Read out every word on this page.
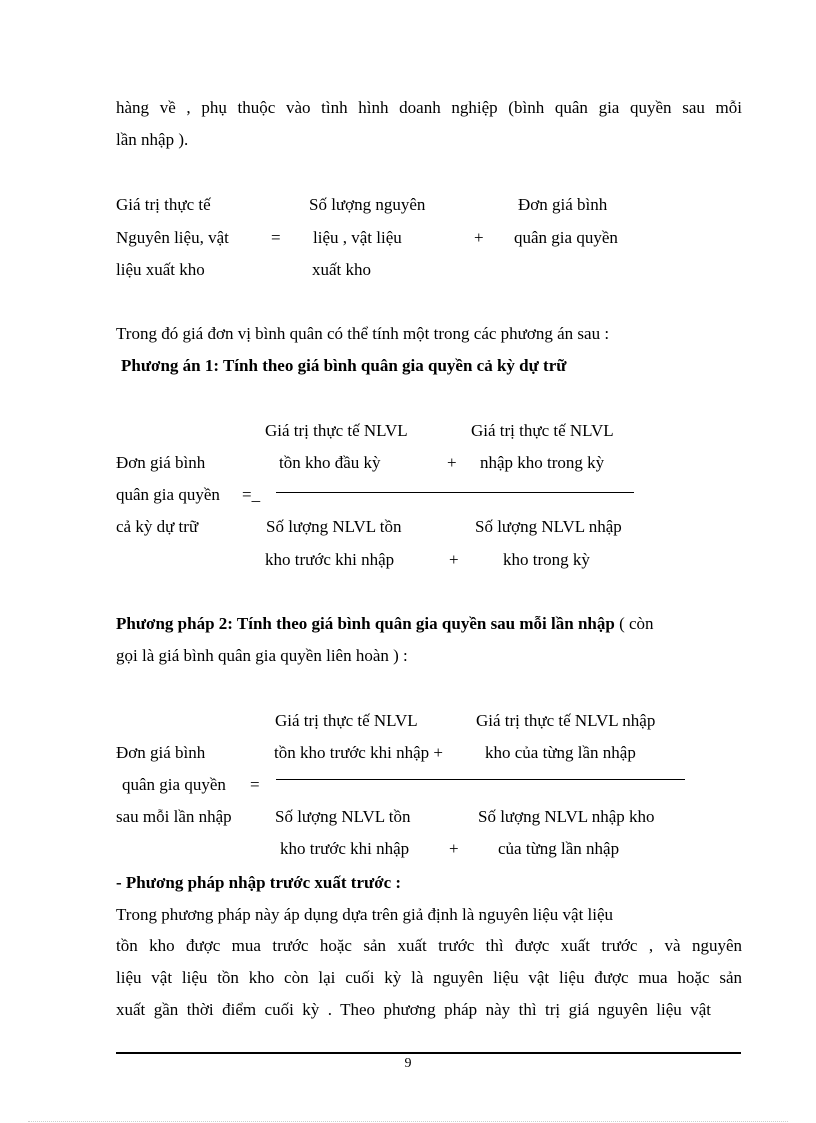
hàng về , phụ thuộc vào tình hình doanh nghiệp (bình quân gia quyền sau mỗi
lần nhập ).
Giá trị thực tế
Nguyên liệu, vật
liệu xuất kho
=
Số lượng nguyên
liệu , vật liệu
xuất kho
+
Đơn giá bình
quân gia quyền
Trong đó giá đơn vị bình quân có thể tính một trong các phương án sau :
Phương án 1: Tính theo giá bình quân gia quyền cả kỳ dự trữ
Giá trị thực tế NLVL
tồn kho đầu kỳ	+
Giá trị thực tế NLVL
nhập kho trong kỳ
Đơn giá bình
quân gia quyền
cả kỳ dự trữ
=_
Số lượng NLVL tồn
kho trước khi nhập	+
Số lượng NLVL nhập
kho trong kỳ
Phương pháp 2: Tính theo giá bình quân gia quyền sau mỗi lần nhập ( còn
gọi là giá bình quân gia quyền liên hoàn ) :
Giá trị thực tế NLVL
tồn kho trước khi nhập +
Giá trị thực tế NLVL nhập
kho của từng lần nhập
Đơn giá bình
quân gia quyền
sau mỗi lần nhập
=
Số lượng NLVL tồn
kho trước khi nhập +
Số lượng NLVL nhập kho
của từng lần nhập
- Phương pháp nhập trước xuất trước :
Trong phương pháp này áp dụng dựa trên giả định là nguyên liệu vật liệu
tồn kho được mua trước hoặc sản xuất trước thì được xuất trước , và nguyên
liệu vật liệu tồn kho còn lại cuối kỳ là nguyên liệu vật liệu được mua hoặc sản
xuất gần thời điểm cuối kỳ . Theo phương pháp này thì trị giá nguyên liệu vật
9
